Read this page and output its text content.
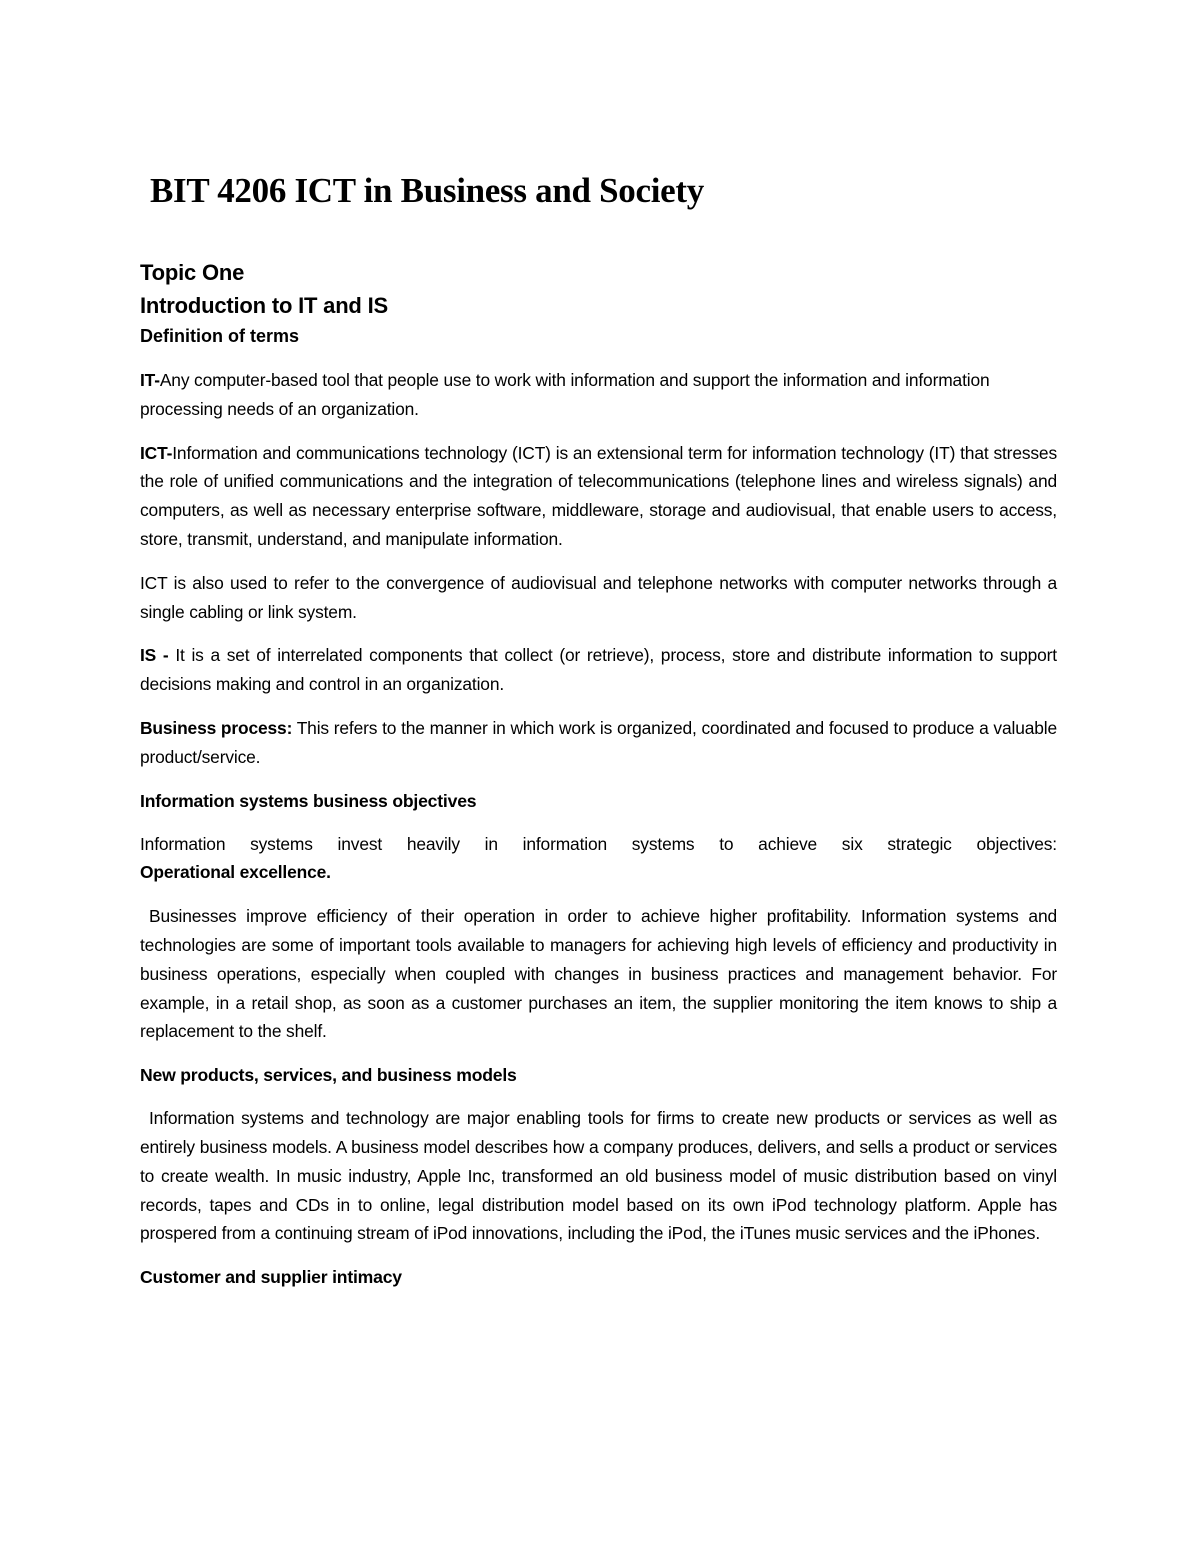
BIT 4206 ICT in Business and Society
Topic One
Introduction to IT and IS
Definition of terms

IT-Any computer-based tool that people use to work with information and support the information and information processing needs of an organization.

ICT-Information and communications technology (ICT) is an extensional term for information technology (IT) that stresses the role of unified communications and the integration of telecommunications (telephone lines and wireless signals) and computers, as well as necessary enterprise software, middleware, storage and audiovisual, that enable users to access, store, transmit, understand, and manipulate information.

ICT is also used to refer to the convergence of audiovisual and telephone networks with computer networks through a single cabling or link system.

IS - It is a set of interrelated components that collect (or retrieve), process, store and distribute information to support decisions making and control in an organization.

Business process: This refers to the manner in which work is organized, coordinated and focused to produce a valuable product/service.

Information systems business objectives

Information systems invest heavily in information systems to achieve six strategic objectives:

Operational excellence.

Businesses improve efficiency of their operation in order to achieve higher profitability. Information systems and technologies are some of important tools available to managers for achieving high levels of efficiency and productivity in business operations, especially when coupled with changes in business practices and management behavior. For example, in a retail shop, as soon as a customer purchases an item, the supplier monitoring the item knows to ship a replacement to the shelf.

New products, services, and business models

Information systems and technology are major enabling tools for firms to create new products or services as well as entirely business models. A business model describes how a company produces, delivers, and sells a product or services to create wealth. In music industry, Apple Inc, transformed an old business model of music distribution based on vinyl records, tapes and CDs in to online, legal distribution model based on its own iPod technology platform. Apple has prospered from a continuing stream of iPod innovations, including the iPod, the iTunes music services and the iPhones.

Customer and supplier intimacy
